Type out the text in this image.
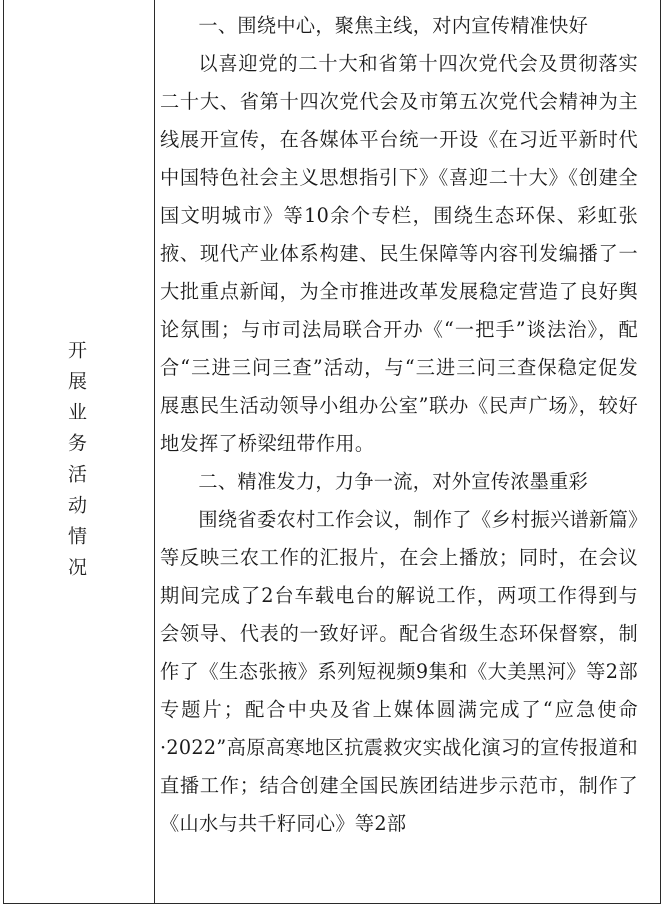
开展业务活动情况

一、围绕中心，聚焦主线，对内宣传精准快好

以喜迎党的二十大和省第十四次党代会及贯彻落实二十大、省第十四次党代会及市第五次党代会精神为主线展开宣传，在各媒体平台统一开设《在习近平新时代中国特色社会主义思想指引下》《喜迎二十大》《创建全国文明城市》等10余个专栏，围绕生态环保、彩虹张掖、现代产业体系构建、民生保障等内容刊发编播了一大批重点新闻，为全市推进改革发展稳定营造了良好舆论氛围；与市司法局联合开办《“一把手”谈法治》，配合“三进三问三查”活动，与“三进三问三查保稳定促发展惠民生活动领导小组办公室”联办《民声广场》，较好地发挥了桥梁纽带作用。

二、精准发力，力争一流，对外宣传浓墨重彩

围绕省委农村工作会议，制作了《乡村振兴谱新篇》等反映三农工作的汇报片，在会上播放；同时，在会议期间完成了2台车载电台的解说工作，两项工作得到与会领导、代表的一致好评。配合省级生态环保督察，制作了《生态张掖》系列短视频9集和《大美黑河》等2部专题片；配合中央及省上媒体圆满完成了“应急使命·2022”高原高寒地区抗震救灾实战化演习的宣传报道和直播工作；结合创建全国民族团结进步示范市，制作了《山水与共千籽同心》等2部
